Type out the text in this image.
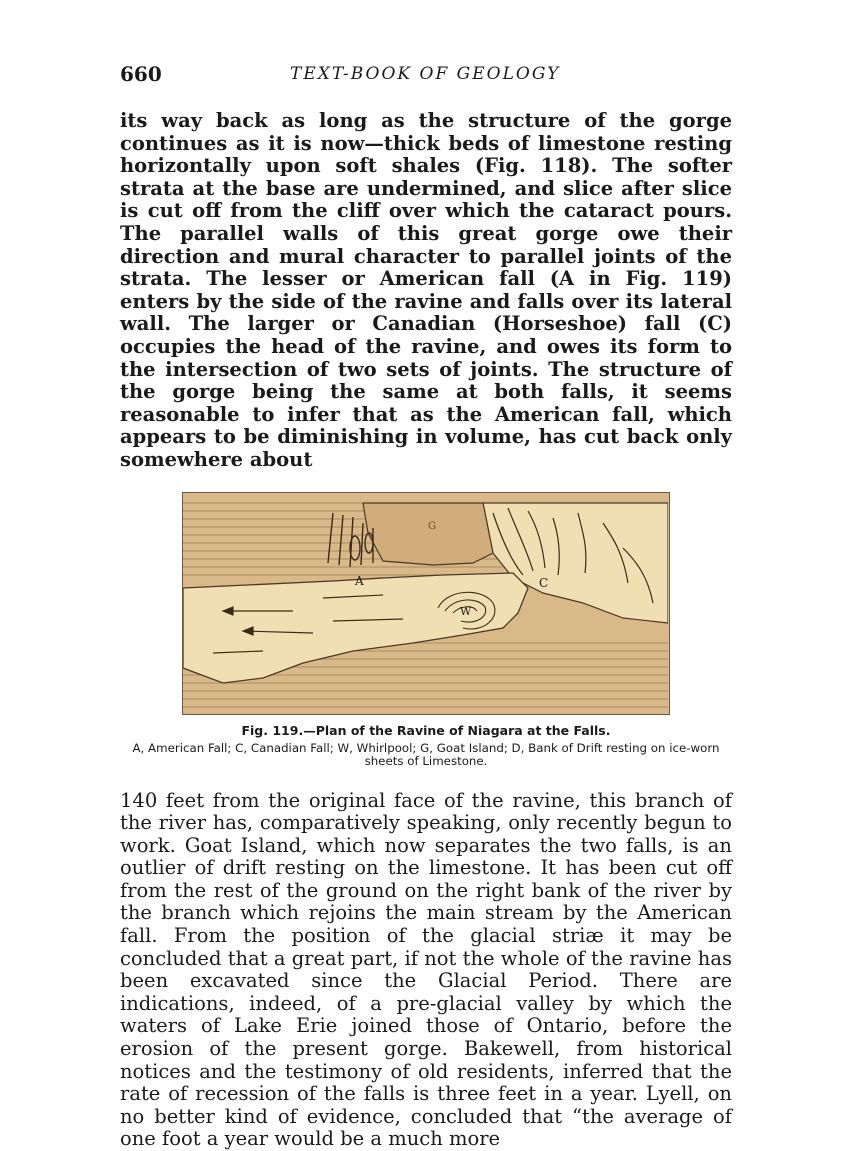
660	TEXT-BOOK OF GEOLOGY

its way back as long as the structure of the gorge continues as it is now—thick beds of limestone resting horizontally upon soft shales (Fig. 118). The softer strata at the base are undermined, and slice after slice is cut off from the cliff over which the cataract pours. The parallel walls of this great gorge owe their direction and mural character to parallel joints of the strata. The lesser or American fall (A in Fig. 119) enters by the side of the ravine and falls over its lateral wall. The larger or Canadian (Horseshoe) fall (C) occupies the head of the ravine, and owes its form to the intersection of two sets of joints. The structure of the gorge being the same at both falls, it seems reasonable to infer that as the American fall, which appears to be diminishing in volume, has cut back only somewhere about

A	C
W
G
Fig. 119.—Plan of the Ravine of Niagara at the Falls.
A, American Fall; C, Canadian Fall; W, Whirlpool; G, Goat Island; D, Bank of Drift resting on ice-worn sheets of Limestone.

140 feet from the original face of the ravine, this branch of the river has, comparatively speaking, only recently begun to work. Goat Island, which now separates the two falls, is an outlier of drift resting on the limestone. It has been cut off from the rest of the ground on the right bank of the river by the branch which rejoins the main stream by the American fall. From the position of the glacial striæ it may be concluded that a great part, if not the whole of the ravine has been excavated since the Glacial Period. There are indications, indeed, of a pre-glacial valley by which the waters of Lake Erie joined those of Ontario, before the erosion of the present gorge. Bakewell, from historical notices and the testimony of old residents, inferred that the rate of recession of the falls is three feet in a year. Lyell, on no better kind of evidence, concluded that “the average of one foot a year would be a much more
